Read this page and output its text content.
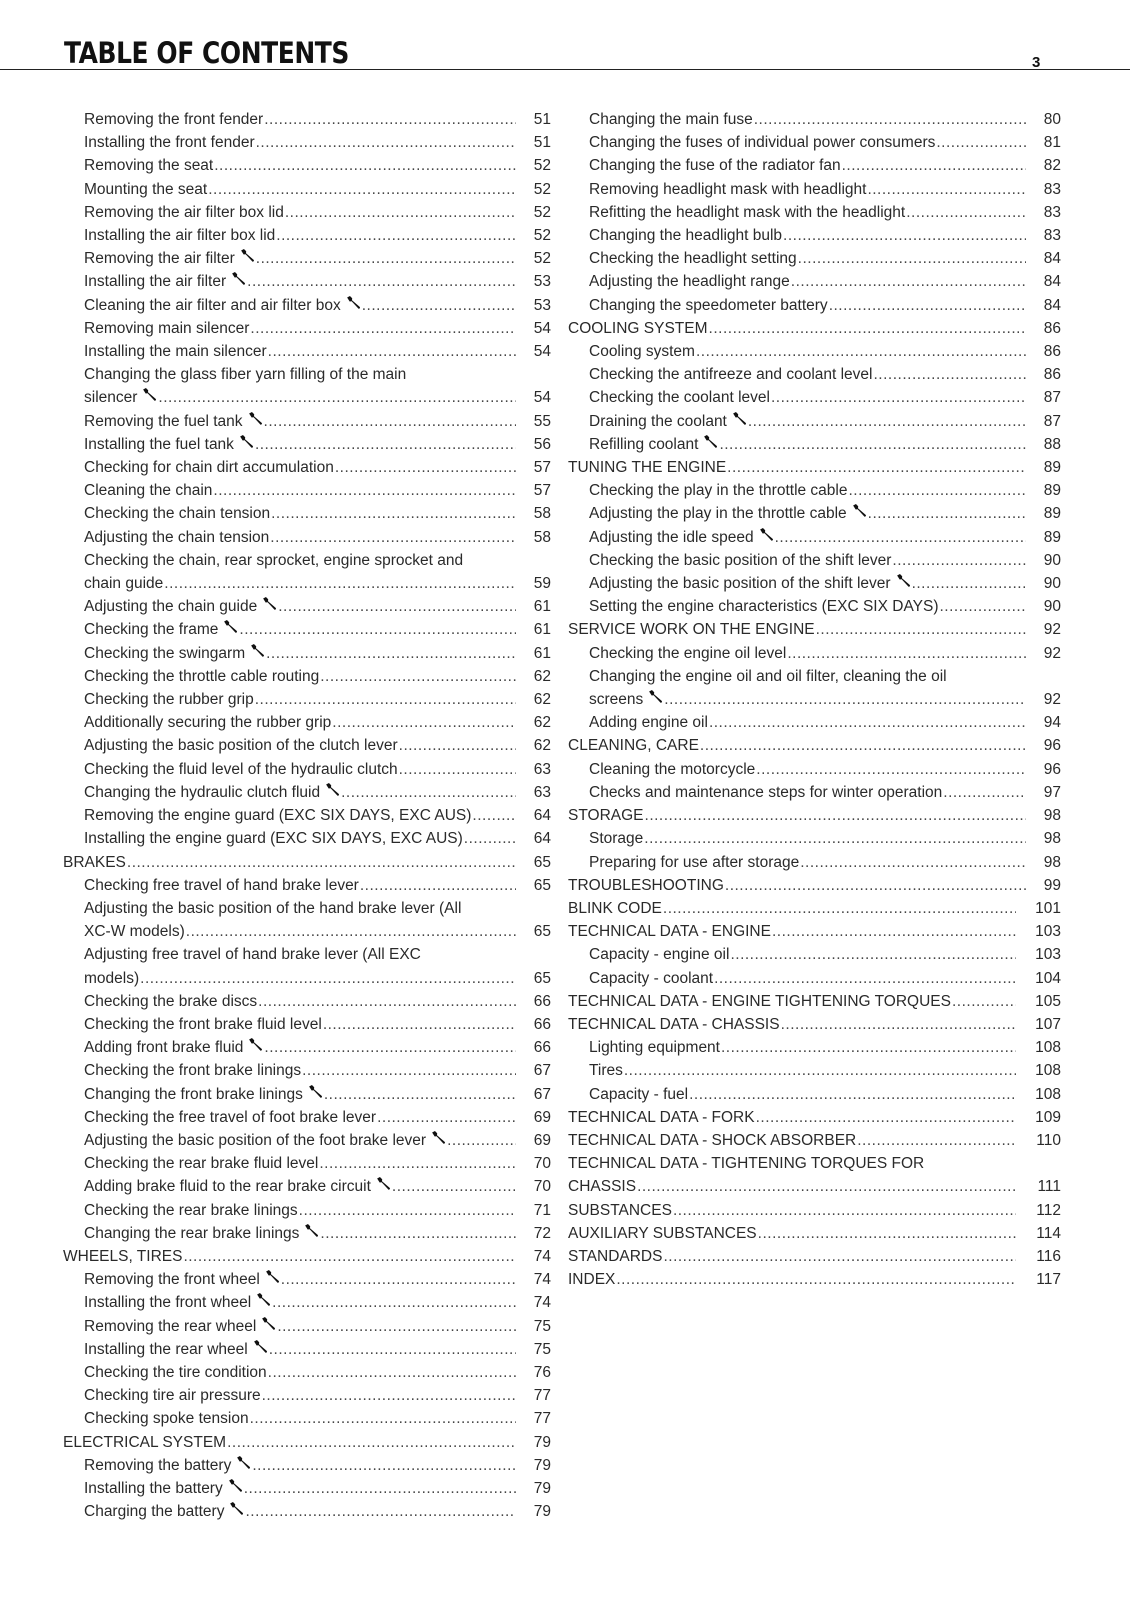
TABLE OF CONTENTS	3
Removing the front fender .....	51
Installing the front fender .....	51
Removing the seat .....	52
Mounting the seat .....	52
Removing the air filter box lid .....	52
Installing the air filter box lid .....	52
Removing the air filter .....	52
Installing the air filter .....	53
Cleaning the air filter and air filter box .....	53
Removing main silencer .....	54
Installing the main silencer .....	54
Changing the glass fiber yarn filling of the main
silencer .....	54
Removing the fuel tank .....	55
Installing the fuel tank .....	56
Checking for chain dirt accumulation .....	57
Cleaning the chain .....	57
Checking the chain tension .....	58
Adjusting the chain tension .....	58
Checking the chain, rear sprocket, engine sprocket and
chain guide .....	59
Adjusting the chain guide .....	61
Checking the frame .....	61
Checking the swingarm .....	61
Checking the throttle cable routing .....	62
Checking the rubber grip .....	62
Additionally securing the rubber grip .....	62
Adjusting the basic position of the clutch lever .....	62
Checking the fluid level of the hydraulic clutch .....	63
Changing the hydraulic clutch fluid .....	63
Removing the engine guard (EXC SIX DAYS, EXC AUS) .....	64
Installing the engine guard (EXC SIX DAYS, EXC AUS) .....	64
BRAKES .....	65
Checking free travel of hand brake lever .....	65
Adjusting the basic position of the hand brake lever (All
XC-W models) .....	65
Adjusting free travel of hand brake lever (All EXC
models) .....	65
Checking the brake discs .....	66
Checking the front brake fluid level .....	66
Adding front brake fluid .....	66
Checking the front brake linings .....	67
Changing the front brake linings .....	67
Checking the free travel of foot brake lever .....	69
Adjusting the basic position of the foot brake lever .....	69
Checking the rear brake fluid level .....	70
Adding brake fluid to the rear brake circuit .....	70
Checking the rear brake linings .....	71
Changing the rear brake linings .....	72
WHEELS, TIRES .....	74
Removing the front wheel .....	74
Installing the front wheel .....	74
Removing the rear wheel .....	75
Installing the rear wheel .....	75
Checking the tire condition .....	76
Checking tire air pressure .....	77
Checking spoke tension .....	77
ELECTRICAL SYSTEM .....	79
Removing the battery .....	79
Installing the battery .....	79
Charging the battery .....	79
Changing the main fuse .....	80
Changing the fuses of individual power consumers .....	81
Changing the fuse of the radiator fan .....	82
Removing headlight mask with headlight .....	83
Refitting the headlight mask with the headlight .....	83
Changing the headlight bulb .....	83
Checking the headlight setting .....	84
Adjusting the headlight range .....	84
Changing the speedometer battery .....	84
COOLING SYSTEM .....	86
Cooling system .....	86
Checking the antifreeze and coolant level .....	86
Checking the coolant level .....	87
Draining the coolant .....	87
Refilling coolant .....	88
TUNING THE ENGINE .....	89
Checking the play in the throttle cable .....	89
Adjusting the play in the throttle cable .....	89
Adjusting the idle speed .....	89
Checking the basic position of the shift lever .....	90
Adjusting the basic position of the shift lever .....	90
Setting the engine characteristics (EXC SIX DAYS) .....	90
SERVICE WORK ON THE ENGINE .....	92
Checking the engine oil level .....	92
Changing the engine oil and oil filter, cleaning the oil
screens .....	92
Adding engine oil .....	94
CLEANING, CARE .....	96
Cleaning the motorcycle .....	96
Checks and maintenance steps for winter operation .....	97
STORAGE .....	98
Storage .....	98
Preparing for use after storage .....	98
TROUBLESHOOTING .....	99
BLINK CODE .....	101
TECHNICAL DATA - ENGINE .....	103
Capacity - engine oil .....	103
Capacity - coolant .....	104
TECHNICAL DATA - ENGINE TIGHTENING TORQUES .....	105
TECHNICAL DATA - CHASSIS .....	107
Lighting equipment .....	108
Tires .....	108
Capacity - fuel .....	108
TECHNICAL DATA - FORK .....	109
TECHNICAL DATA - SHOCK ABSORBER .....	110
TECHNICAL DATA - TIGHTENING TORQUES FOR
CHASSIS .....	111
SUBSTANCES .....	112
AUXILIARY SUBSTANCES .....	114
STANDARDS .....	116
INDEX .....	117
